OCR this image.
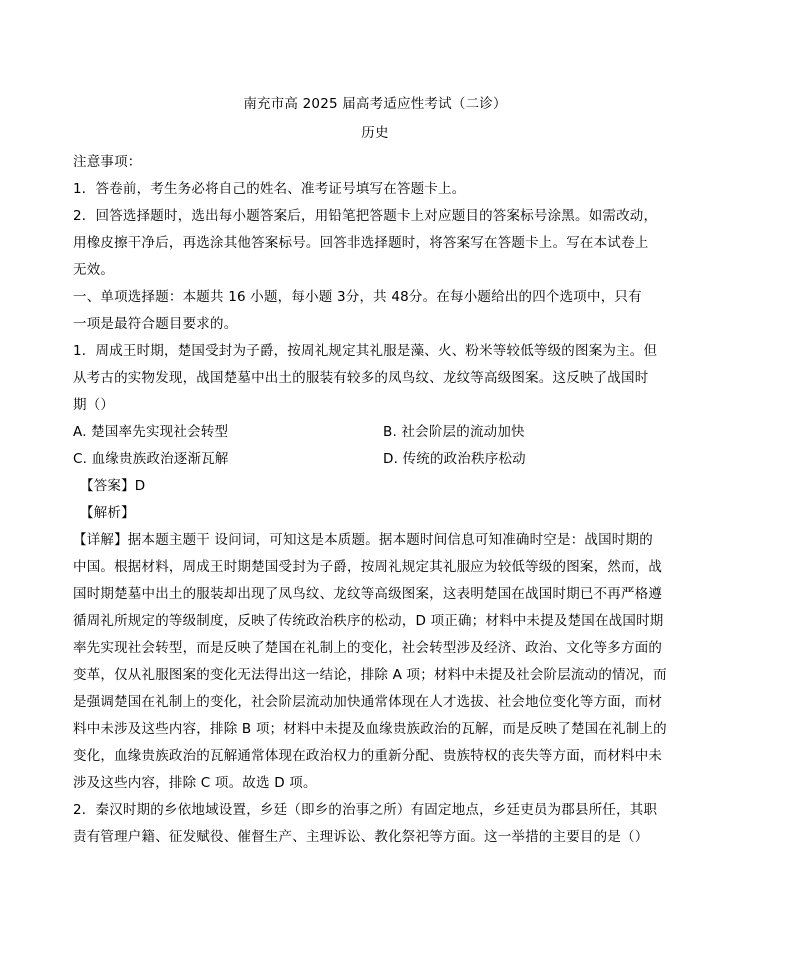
南充市高 2025 届高考适应性考试（二诊）

历史

注意事项：

1．答卷前，考生务必将自己的姓名、准考证号填写在答题卡上。

2．回答选择题时，选出每小题答案后，用铅笔把答题卡上对应题目的答案标号涂黑。如需改动，

用橡皮擦干净后，再选涂其他答案标号。回答非选择题时，将答案写在答题卡上。写在本试卷上

无效。

一、单项选择题：本题共 16 小题，每小题 3分，共 48分。在每小题给出的四个选项中，只有

一项是最符合题目要求的。

1．周成王时期，楚国受封为子爵，按周礼规定其礼服是藻、火、粉米等较低等级的图案为主。但

从考古的实物发现，战国楚墓中出土的服装有较多的凤鸟纹、龙纹等高级图案。这反映了战国时

期（）

A. 楚国率先实现社会转型	B. 社会阶层的流动加快
C. 血缘贵族政治逐渐瓦解	D. 传统的政治秩序松动

【答案】D

【解析】

【详解】据本题主题干 设问词，可知这是本质题。据本题时间信息可知准确时空是：战国时期的

中国。根据材料，周成王时期楚国受封为子爵，按周礼规定其礼服应为较低等级的图案，然而，战

国时期楚墓中出土的服装却出现了凤鸟纹、龙纹等高级图案，这表明楚国在战国时期已不再严格遵

循周礼所规定的等级制度，反映了传统政治秩序的松动，D 项正确；材料中未提及楚国在战国时期

率先实现社会转型，而是反映了楚国在礼制上的变化，社会转型涉及经济、政治、文化等多方面的

变革，仅从礼服图案的变化无法得出这一结论，排除 A 项；材料中未提及社会阶层流动的情况，而

是强调楚国在礼制上的变化，社会阶层流动加快通常体现在人才选拔、社会地位变化等方面，而材

料中未涉及这些内容，排除 B 项；材料中未提及血缘贵族政治的瓦解，而是反映了楚国在礼制上的

变化，血缘贵族政治的瓦解通常体现在政治权力的重新分配、贵族特权的丧失等方面，而材料中未

涉及这些内容，排除 C 项。故选 D 项。

2．秦汉时期的乡依地域设置，乡廷（即乡的治事之所）有固定地点，乡廷吏员为郡县所任，其职

责有管理户籍、征发赋役、催督生产、主理诉讼、教化祭祀等方面。这一举措的主要目的是（）
